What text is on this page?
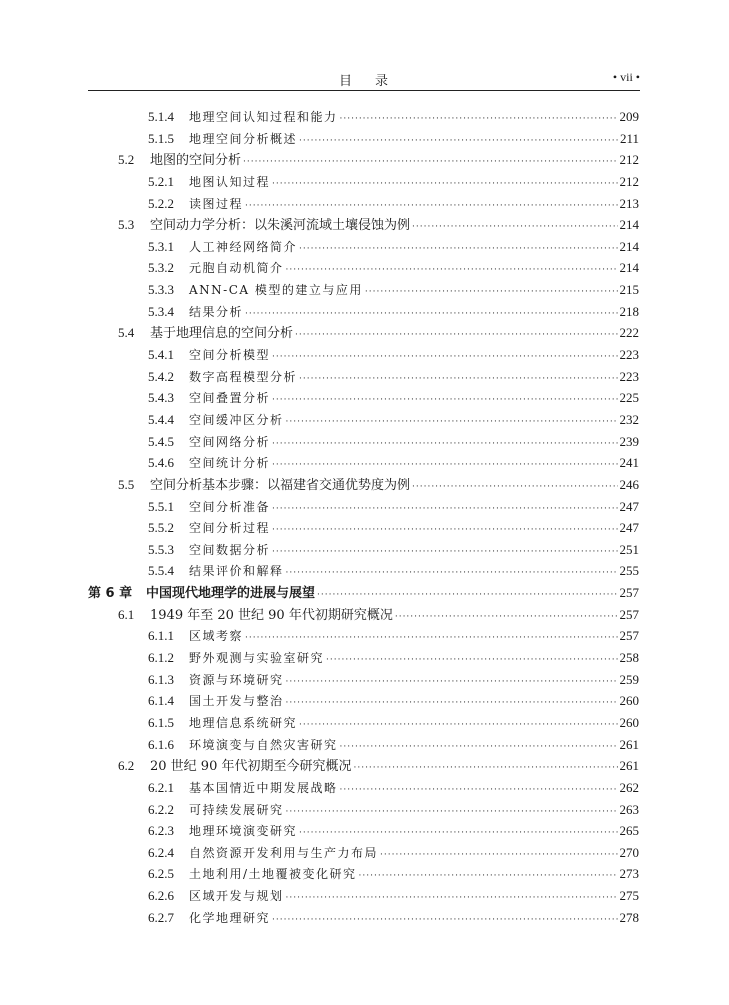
目 录	• vii •
5.1.4	地理空间认知过程和能力 ·····	209
5.1.5	地理空间分析概述 ·····	211
5.2	地图的空间分析 ·····	212
5.2.1	地图认知过程 ·····	212
5.2.2	读图过程 ·····	213
5.3	空间动力学分析：以朱溪河流域土壤侵蚀为例 ·····	214
5.3.1	人工神经网络简介 ·····	214
5.3.2	元胞自动机简介 ·····	214
5.3.3	ANN-CA 模型的建立与应用 ·····	215
5.3.4	结果分析 ·····	218
5.4	基于地理信息的空间分析 ·····	222
5.4.1	空间分析模型 ·····	223
5.4.2	数字高程模型分析 ·····	223
5.4.3	空间叠置分析 ·····	225
5.4.4	空间缓冲区分析 ·····	232
5.4.5	空间网络分析 ·····	239
5.4.6	空间统计分析 ·····	241
5.5	空间分析基本步骤：以福建省交通优势度为例 ·····	246
5.5.1	空间分析准备 ·····	247
5.5.2	空间分析过程 ·····	247
5.5.3	空间数据分析 ·····	251
5.5.4	结果评价和解释 ·····	255
第 6 章	中国现代地理学的进展与展望 ·····	257
6.1	1949 年至 20 世纪 90 年代初期研究概况 ·····	257
6.1.1	区域考察 ·····	257
6.1.2	野外观测与实验室研究 ·····	258
6.1.3	资源与环境研究 ·····	259
6.1.4	国土开发与整治 ·····	260
6.1.5	地理信息系统研究 ·····	260
6.1.6	环境演变与自然灾害研究 ·····	261
6.2	20 世纪 90 年代初期至今研究概况 ·····	261
6.2.1	基本国情近中期发展战略 ·····	262
6.2.2	可持续发展研究 ·····	263
6.2.3	地理环境演变研究 ·····	265
6.2.4	自然资源开发利用与生产力布局 ·····	270
6.2.5	土地利用/土地覆被变化研究 ·····	273
6.2.6	区域开发与规划 ·····	275
6.2.7	化学地理研究 ·····	278
